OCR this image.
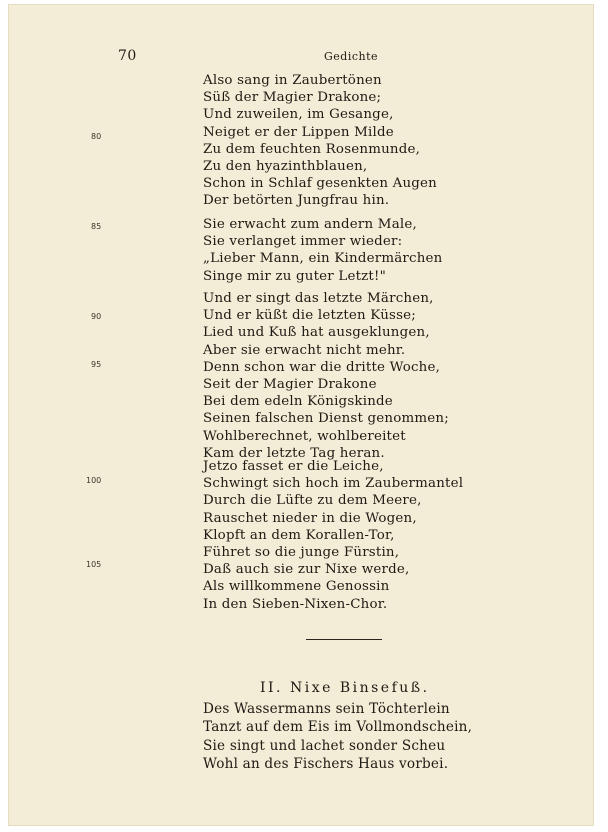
70	Gedichte
80
85
90
95
100
105
Also sang in Zaubertönen
Süß der Magier Drakone;
Und zuweilen, im Gesange,
Neiget er der Lippen Milde
Zu dem feuchten Rosenmunde,
Zu den hyazinthblauen,
Schon in Schlaf gesenkten Augen
Der betörten Jungfrau hin.
Sie erwacht zum andern Male,
Sie verlanget immer wieder:
„Lieber Mann, ein Kindermärchen
Singe mir zu guter Letzt!"
Und er singt das letzte Märchen,
Und er küßt die letzten Küsse;
Lied und Kuß hat ausgeklungen,
Aber sie erwacht nicht mehr.
Denn schon war die dritte Woche,
Seit der Magier Drakone
Bei dem edeln Königskinde
Seinen falschen Dienst genommen;
Wohlberechnet, wohlbereitet
Kam der letzte Tag heran.
Jetzo fasset er die Leiche,
Schwingt sich hoch im Zaubermantel
Durch die Lüfte zu dem Meere,
Rauschet nieder in die Wogen,
Klopft an dem Korallen-Tor,
Führet so die junge Fürstin,
Daß auch sie zur Nixe werde,
Als willkommene Genossin
In den Sieben-Nixen-Chor.
II. Nixe Binsefuß.
Des Wassermanns sein Töchterlein
Tanzt auf dem Eis im Vollmondschein,
Sie singt und lachet sonder Scheu
Wohl an des Fischers Haus vorbei.
